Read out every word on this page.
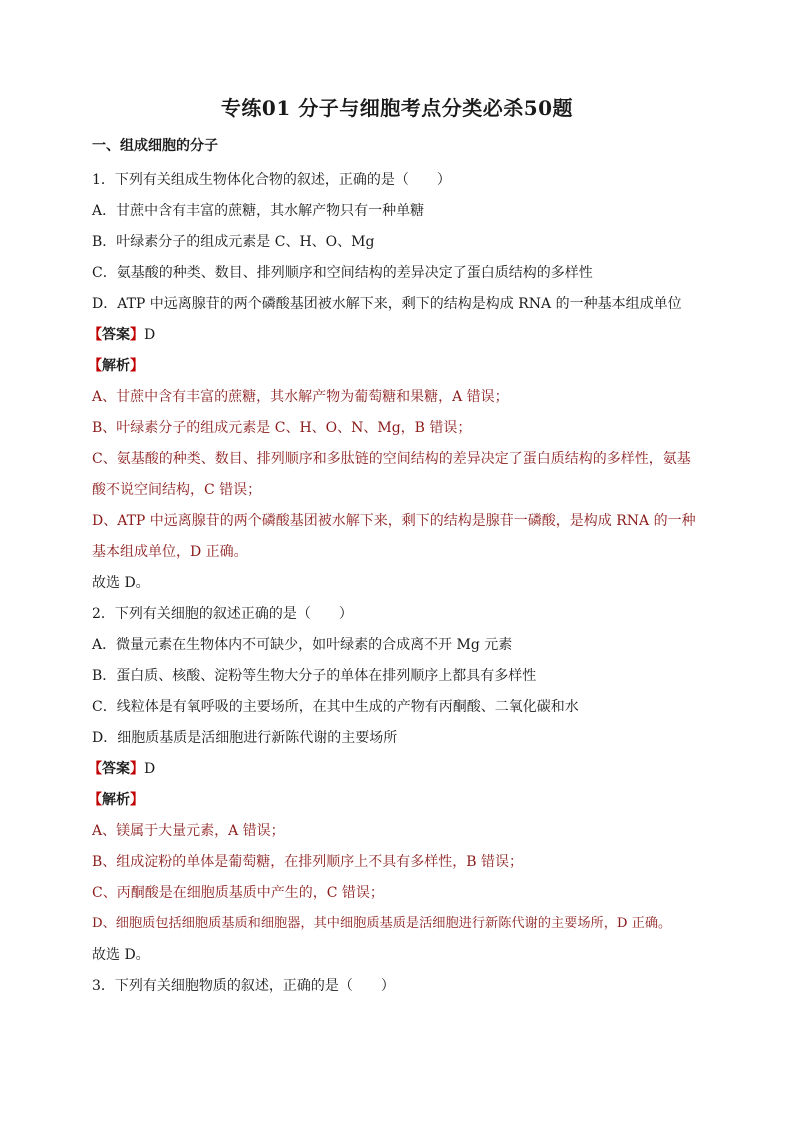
专练01 分子与细胞考点分类必杀50题
一、组成细胞的分子
1．下列有关组成生物体化合物的叙述，正确的是（　　）
A．甘蔗中含有丰富的蔗糖，其水解产物只有一种单糖
B．叶绿素分子的组成元素是 C、H、O、Mg
C．氨基酸的种类、数目、排列顺序和空间结构的差异决定了蛋白质结构的多样性
D．ATP 中远离腺苷的两个磷酸基团被水解下来，剩下的结构是构成 RNA 的一种基本组成单位
【答案】D
【解析】
A、甘蔗中含有丰富的蔗糖，其水解产物为葡萄糖和果糖，A 错误；
B、叶绿素分子的组成元素是 C、H、O、N、Mg，B 错误；
C、氨基酸的种类、数目、排列顺序和多肽链的空间结构的差异决定了蛋白质结构的多样性，氨基酸不说空间结构，C 错误；
D、ATP 中远离腺苷的两个磷酸基团被水解下来，剩下的结构是腺苷一磷酸，是构成 RNA 的一种基本组成单位，D 正确。
故选 D。
2．下列有关细胞的叙述正确的是（　　）
A．微量元素在生物体内不可缺少，如叶绿素的合成离不开 Mg 元素
B．蛋白质、核酸、淀粉等生物大分子的单体在排列顺序上都具有多样性
C．线粒体是有氧呼吸的主要场所，在其中生成的产物有丙酮酸、二氧化碳和水
D．细胞质基质是活细胞进行新陈代谢的主要场所
【答案】D
【解析】
A、镁属于大量元素，A 错误；
B、组成淀粉的单体是葡萄糖，在排列顺序上不具有多样性，B 错误；
C、丙酮酸是在细胞质基质中产生的，C 错误；
D、细胞质包括细胞质基质和细胞器，其中细胞质基质是活细胞进行新陈代谢的主要场所，D 正确。
故选 D。
3．下列有关细胞物质的叙述，正确的是（　　）
